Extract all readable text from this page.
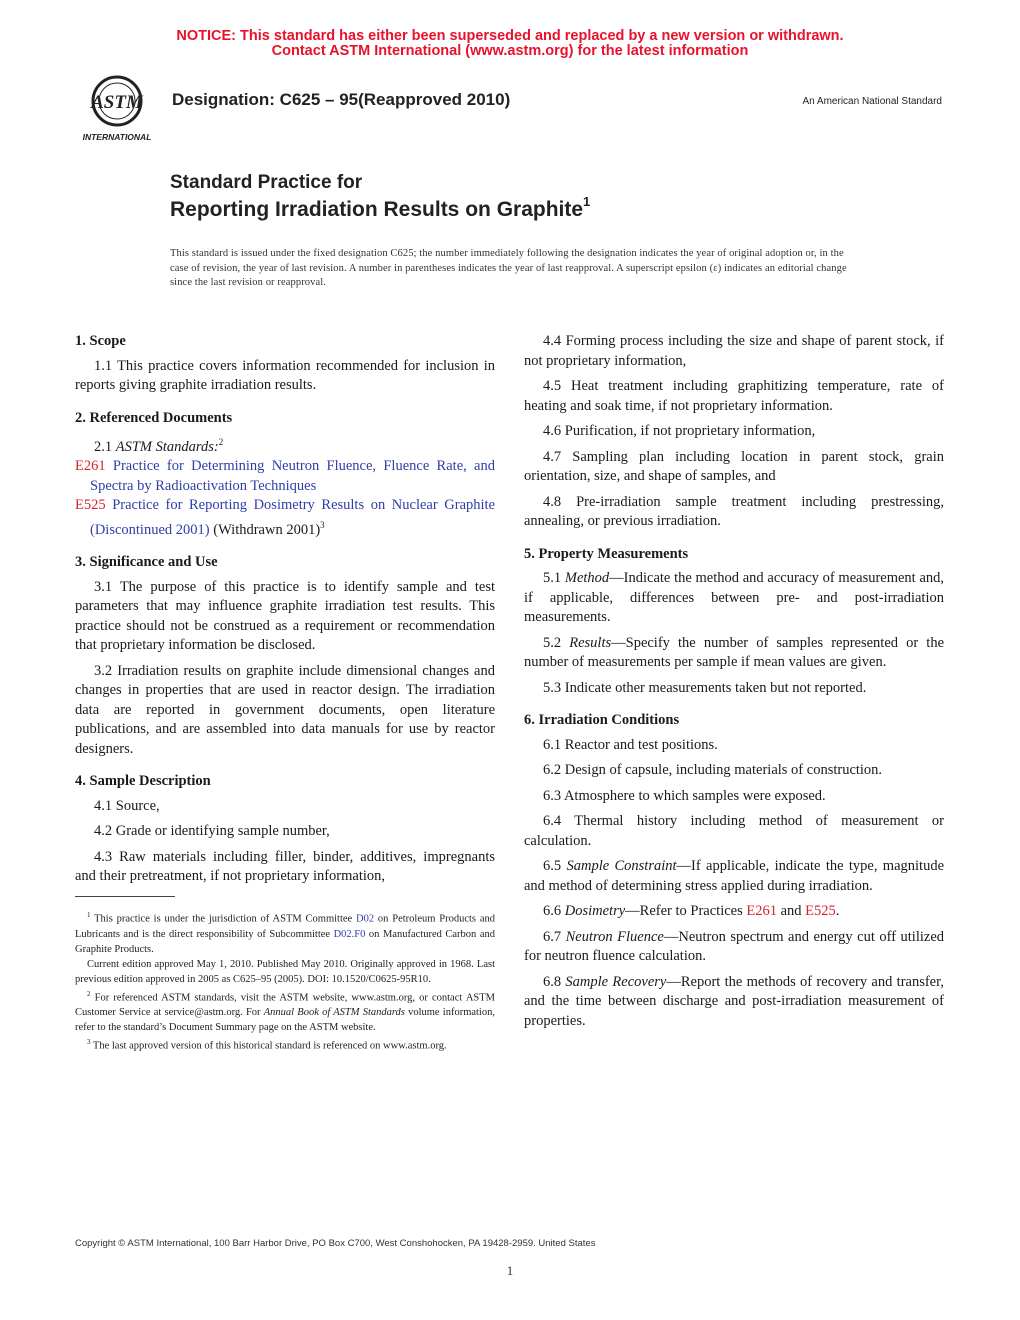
NOTICE: This standard has either been superseded and replaced by a new version or withdrawn.
Contact ASTM International (www.astm.org) for the latest information
ASTM
INTERNATIONAL
Designation: C625 – 95(Reapproved 2010)	An American National Standard
Standard Practice for
Reporting Irradiation Results on Graphite$^1$
This standard is issued under the fixed designation C625; the number immediately following the designation indicates the year of original adoption or, in the case of revision, the year of last revision. A number in parentheses indicates the year of last reapproval. A superscript epsilon (ε) indicates an editorial change since the last revision or reapproval.
1. Scope

1.1 This practice covers information recommended for inclusion in reports giving graphite irradiation results.

2. Referenced Documents

2.1 ASTM Standards:$^2$

E261 Practice for Determining Neutron Fluence, Fluence Rate, and Spectra by Radioactivation Techniques
E525 Practice for Reporting Dosimetry Results on Nuclear Graphite (Discontinued 2001) (Withdrawn 2001)$^3$
3. Significance and Use

3.1 The purpose of this practice is to identify sample and test parameters that may influence graphite irradiation test results. This practice should not be construed as a requirement or recommendation that proprietary information be disclosed.

3.2 Irradiation results on graphite include dimensional changes and changes in properties that are used in reactor design. The irradiation data are reported in government documents, open literature publications, and are assembled into data manuals for use by reactor designers.

4. Sample Description

4.1 Source,

4.2 Grade or identifying sample number,

4.3 Raw materials including filler, binder, additives, impregnants and their pretreatment, if not proprietary information,

4.4 Forming process including the size and shape of parent stock, if not proprietary information,

4.5 Heat treatment including graphitizing temperature, rate of heating and soak time, if not proprietary information.

4.6 Purification, if not proprietary information,

4.7 Sampling plan including location in parent stock, grain orientation, size, and shape of samples, and

4.8 Pre-irradiation sample treatment including prestressing, annealing, or previous irradiation.

5. Property Measurements

5.1 Method—Indicate the method and accuracy of measurement and, if applicable, differences between pre- and post-irradiation measurements.

5.2 Results—Specify the number of samples represented or the number of measurements per sample if mean values are given.

5.3 Indicate other measurements taken but not reported.

6. Irradiation Conditions

6.1 Reactor and test positions.

6.2 Design of capsule, including materials of construction.

6.3 Atmosphere to which samples were exposed.

6.4 Thermal history including method of measurement or calculation.

6.5 Sample Constraint—If applicable, indicate the type, magnitude and method of determining stress applied during irradiation.

6.6 Dosimetry—Refer to Practices E261 and E525.

6.7 Neutron Fluence—Neutron spectrum and energy cut off utilized for neutron fluence calculation.

6.8 Sample Recovery—Report the methods of recovery and transfer, and the time between discharge and post-irradiation measurement of properties.

$^1$ This practice is under the jurisdiction of ASTM Committee D02 on Petroleum Products and Lubricants and is the direct responsibility of Subcommittee D02.F0 on Manufactured Carbon and Graphite Products.

Current edition approved May 1, 2010. Published May 2010. Originally approved in 1968. Last previous edition approved in 2005 as C625–95 (2005). DOI: 10.1520/C0625-95R10.

$^2$ For referenced ASTM standards, visit the ASTM website, www.astm.org, or contact ASTM Customer Service at service@astm.org. For Annual Book of ASTM Standards volume information, refer to the standard’s Document Summary page on the ASTM website.

$^3$ The last approved version of this historical standard is referenced on www.astm.org.

Copyright © ASTM International, 100 Barr Harbor Drive, PO Box C700, West Conshohocken, PA 19428-2959. United States
1
